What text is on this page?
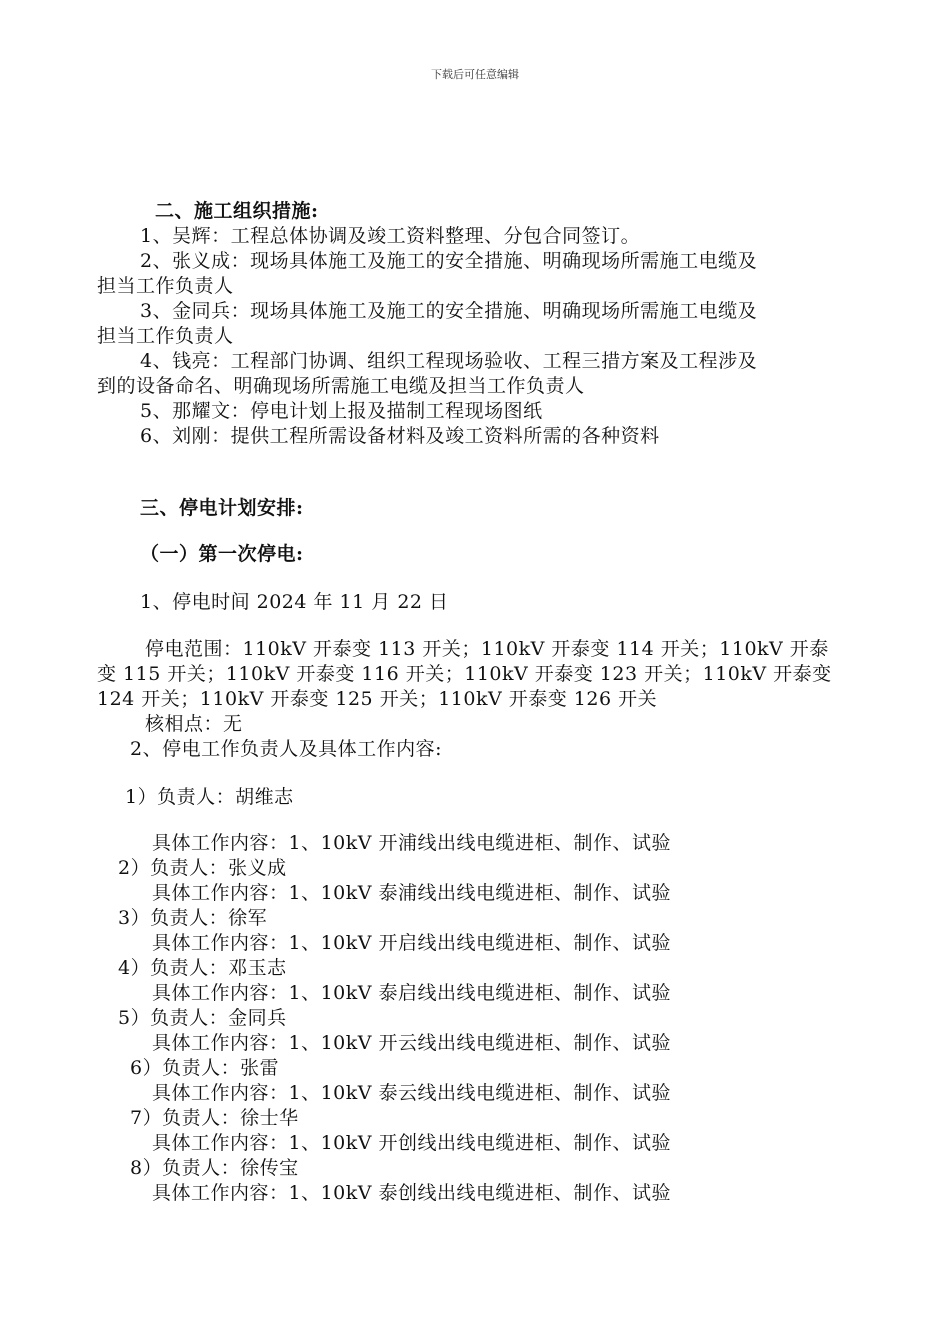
下载后可任意编辑
二、施工组织措施:
1、吴辉：工程总体协调及竣工资料整理、分包合同签订。
2、张义成：现场具体施工及施工的安全措施、明确现场所需施工电缆及
担当工作负责人
3、金同兵：现场具体施工及施工的安全措施、明确现场所需施工电缆及
担当工作负责人
4、钱亮：工程部门协调、组织工程现场验收、工程三措方案及工程涉及
到的设备命名、明确现场所需施工电缆及担当工作负责人
5、那耀文：停电计划上报及描制工程现场图纸
6、刘刚：提供工程所需设备材料及竣工资料所需的各种资料
三、停电计划安排:
（一）第一次停电:
1、停电时间 2024 年 11 月 22 日
停电范围：110kV 开泰变 113 开关；110kV 开泰变 114 开关；110kV 开泰
变 115 开关；110kV 开泰变 116 开关；110kV 开泰变 123 开关；110kV 开泰变
124 开关；110kV 开泰变 125 开关；110kV 开泰变 126 开关
核相点：无
2、停电工作负责人及具体工作内容:
1）负责人：胡维志
具体工作内容：1、10kV 开浦线出线电缆进柜、制作、试验
2）负责人：张义成
具体工作内容：1、10kV 泰浦线出线电缆进柜、制作、试验
3）负责人：徐军
具体工作内容：1、10kV 开启线出线电缆进柜、制作、试验
4）负责人：邓玉志
具体工作内容：1、10kV 泰启线出线电缆进柜、制作、试验
5）负责人：金同兵
具体工作内容：1、10kV 开云线出线电缆进柜、制作、试验
6）负责人：张雷
具体工作内容：1、10kV 泰云线出线电缆进柜、制作、试验
7）负责人：徐士华
具体工作内容：1、10kV 开创线出线电缆进柜、制作、试验
8）负责人：徐传宝
具体工作内容：1、10kV 泰创线出线电缆进柜、制作、试验
